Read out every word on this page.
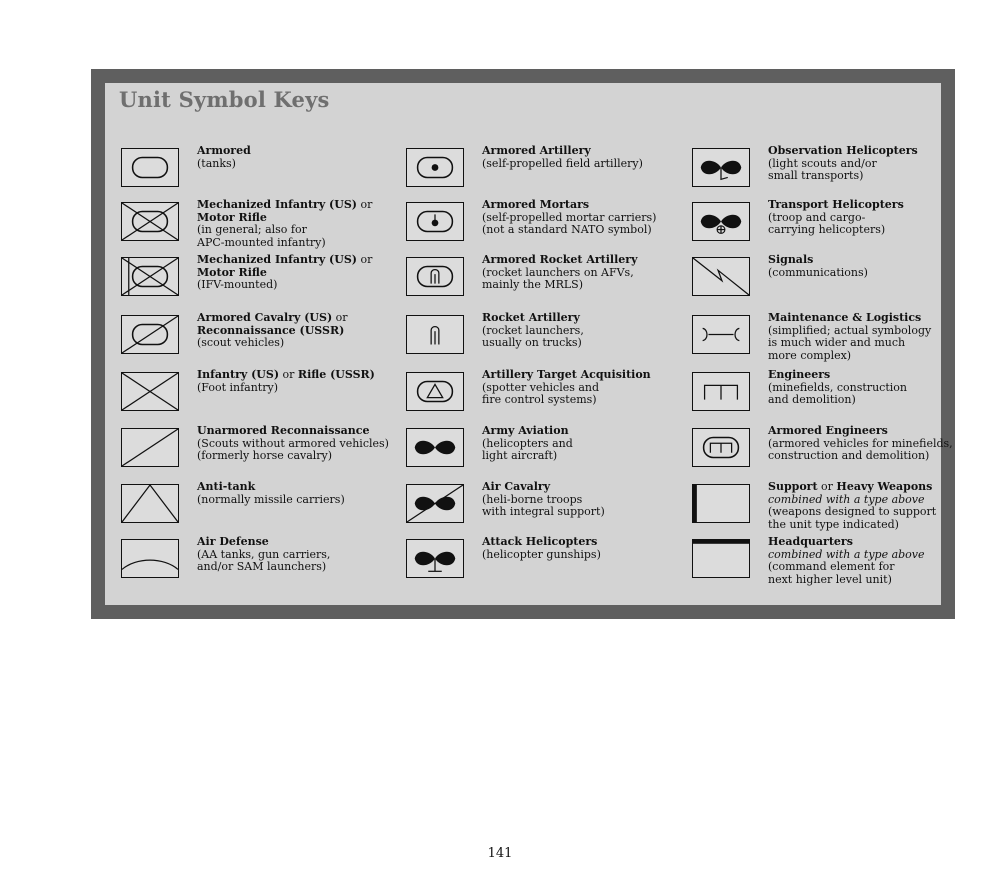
Unit Symbol Keys
Armored
(tanks)
Mechanized Infantry (US) or
Motor Rifle
(in general; also for
APC-mounted infantry)
Mechanized Infantry (US) or
Motor Rifle
(IFV-mounted)
Armored Cavalry (US) or
Reconnaissance (USSR)
(scout vehicles)
Infantry (US) or Rifle (USSR)
(Foot infantry)
Unarmored Reconnaissance
(Scouts without armored vehicles)
(formerly horse cavalry)
Anti-tank
(normally missile carriers)
Air Defense
(AA tanks, gun carriers,
and/or SAM launchers)
Armored Artillery
(self-propelled field artillery)
Armored Mortars
(self-propelled mortar carriers)
(not a standard NATO symbol)
Armored Rocket Artillery
(rocket launchers on AFVs,
mainly the MRLS)
Rocket Artillery
(rocket launchers,
usually on trucks)
Artillery Target Acquisition
(spotter vehicles and
fire control systems)
Army Aviation
(helicopters and
light aircraft)
Air Cavalry
(heli-borne troops
with integral support)
Attack Helicopters
(helicopter gunships)
Observation Helicopters
(light scouts and/or
small transports)
Transport Helicopters
(troop and cargo-
carrying helicopters)
Signals
(communications)
Maintenance & Logistics
(simplified; actual symbology
is much wider and much
more complex)
Engineers
(minefields, construction
and demolition)
Armored Engineers
(armored vehicles for minefields,
construction and demolition)
Support or Heavy Weapons
combined with a type above
(weapons designed to support
the unit type indicated)
Headquarters
combined with a type above
(command element for
next higher level unit)
141
